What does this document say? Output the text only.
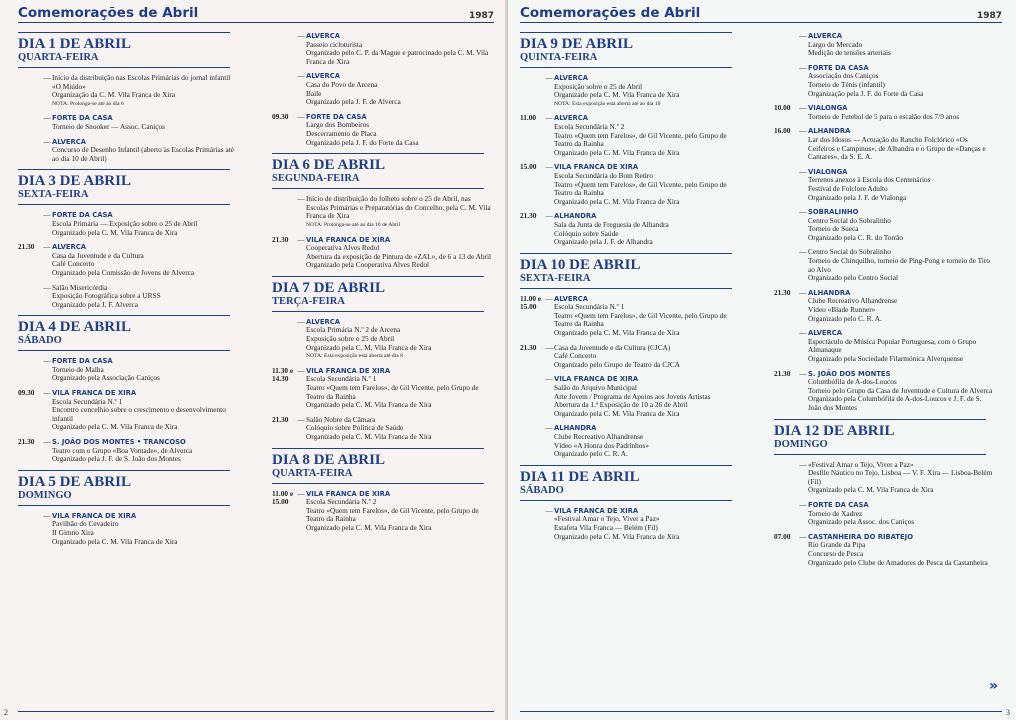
Comemorações de Abril	1987
DIA 1 DE ABRIL
QUARTA-FEIRA
— Início da distribuição nas Escolas Primárias do jornal infantil «O Miúdo»
Organização da C. M. Vila Franca de Xira
NOTA: Prolonga-se até ao dia 6
— FORTE DA CASA
Torneio de Snooker — Assoc. Caniços
— ALVERCA
Concurso de Desenho Infantil (aberto às Escolas Primárias até ao dia 10 de Abril)
DIA 3 DE ABRIL
SEXTA-FEIRA
— FORTE DA CASA
Escola Primária — Exposição sobre o 25 de Abril
Organizado pela C. M. Vila Franca de Xira
21.30	— ALVERCA
Casa da Juventude e da Cultura
Café Concerto
Organizado pela Comissão de Jovens de Alverca
— Salão Misericórdia
Exposição Fotográfica sobre a URSS
Organizado pela J. F. Alverca
DIA 4 DE ABRIL
SÁBADO
— FORTE DA CASA
Torneio de Malha
Organizado pela Associação Caniços
09.30	— VILA FRANCA DE XIRA
Escola Secundária N.º 1
Encontro concelhio sobre o crescimento e desenvolvimento infantil
Organizado pela C. M. Vila Franca de Xira
21.30	— S. JOÃO DOS MONTES • TRANCOSO
Teatro com o Grupo «Boa Vontade», de Alverca
Organizado pela J. F. de S. João dos Montes
DIA 5 DE ABRIL
DOMINGO
— VILA FRANCA DE XIRA
Pavilhão do Cevadeiro
II Gimno Xira
Organizado pela C. M. Vila Franca de Xira
— ALVERCA
Passeio cicloturista
Organizado pelo C. P. da Mague e patrocinado pela C. M. Vila Franca de Xira
— ALVERCA
Casa do Povo de Arcena
Baile
Organizado pela J. F. de Alverca
09.30	— FORTE DA CASA
Largo dos Bombeiros
Descerramento de Placa
Organizado pela J. F. do Forte da Casa
DIA 6 DE ABRIL
SEGUNDA-FEIRA
— Início de distribuição do folheto sobre o 25 de Abril, nas Escolas Primárias e Preparatórias do Concelho, pela C. M. Vila Franca de Xira
NOTA: Prolonga-se até ao dia 10 de Abril
21.30	— VILA FRANCA DE XIRA
Cooperativa Alves Redol
Abertura da exposição de Pintura de «ZAL», de 6 a 13 de Abril
Organizado pela Cooperativa Alves Redol
DIA 7 DE ABRIL
TERÇA-FEIRA
— ALVERCA
Escola Primária N.º 2 de Arcena
Exposição sobre o 25 de Abril
Organizado pela C. M. Vila Franca de Xira
NOTA: Esta exposição está aberta até dia 8
11.30 e 14.30
— VILA FRANCA DE XIRA
Escola Secundária N.º 1
Teatro «Quem tem Farelos», de Gil Vicente, pelo Grupo de Teatro da Rainha
Organizado pela C. M. Vila Franca de Xira
21.30	— Salão Nobre da Câmara
Colóquio sobre Política de Saúde
Organizado pela C. M. Vila Franca de Xira
DIA 8 DE ABRIL
QUARTA-FEIRA
11.00 e 15.00
— VILA FRANCA DE XIRA
Escola Secundária N.º 2
Teatro «Quem tem Farelos», de Gil Vicente, pelo Grupo de Teatro da Rainha
Organizado pela C. M. Vila Franca de Xira
2
Comemorações de Abril	1987
DIA 9 DE ABRIL
QUINTA-FEIRA
— ALVERCA
Exposição sobre o 25 de Abril
Organizado pela C. M. Vila Franca de Xira
NOTA: Esta exposição está aberta até ao dia 10
11.00	— ALVERCA
Escola Secundária N.º 2
Teatro «Quem tem Farelos», de Gil Vicente, pelo Grupo de Teatro da Rainha
Organizado pela C. M. Vila Franca de Xira
15.00	— VILA FRANCA DE XIRA
Escola Secundária do Bom Retiro
Teatro «Quem tem Farelos», de Gil Vicente, pelo Grupo de Teatro da Rainha
Organizado pela C. M. Vila Franca de Xira
21.30	— ALHANDRA
Sala da Junta de Freguesia de Alhandra
Colóquio sobre Saúde
Organizado pela J. F. de Alhandra
DIA 10 DE ABRIL
SEXTA-FEIRA
11.00 e 15.00
— ALVERCA
Escola Secundária N.º 1
Teatro «Quem tem Farelos», de Gil Vicente, pelo Grupo de Teatro da Rainha
Organizado pela C. M. Vila Franca de Xira
21.30	— Casa da Juventude e da Cultura (CJCA)
Café Concerto
Organizado pelo Grupo de Teatro da CJCA
— VILA FRANCA DE XIRA
Salão do Arquivo Municipal
Arte Jovem / Programa de Apoios aos Jovens Artistas
Abertura da 1.ª Exposição de 10 a 26 de Abril
Organizado pela C. M. Vila Franca de Xira
— ALHANDRA
Clube Recreativo Alhandrense
Vídeo «A Honra dos Padrinhos»
Organizado pelo C. R. A.
DIA 11 DE ABRIL
SÁBADO
— VILA FRANCA DE XIRA
«Festival Amar o Tejo, Viver a Paz»
Estafeta Vila Franca — Belém (Fil)
Organizado pela C. M. Vila Franca de Xira
— ALVERCA
Largo do Mercado
Medição de tensões arteriais
— FORTE DA CASA
Associação dos Caniços
Torneio de Ténis (infantil)
Organização pela J. F. do Forte da Casa
10.00	— VIALONGA
Torneio de Futebol de 5 para o escalão dos 7/9 anos
16.00	— ALHANDRA
Lar dos Idosos — Actuação do Rancho Folclórico «Os Ceifeiros e Campinos», de Alhandra e o Grupo de «Danças e Cantares», da S. E. A.
— VIALONGA
Terrenos anexos à Escola dos Centenários
Festival de Folclore Adulto
Organizado pela J. F. de Vialonga
— SOBRALINHO
Centro Social do Sobralinho
Torneio de Sueca
Organizado pela C. R. do Torrão
— Centro Social do Sobralinho
Torneio de Chinquilho, torneio de Ping-Pong e torneio de Tiro ao Alvo
Organizado pelo Centro Social
21.30	— ALHANDRA
Clube Recreativo Alhandrense
Vídeo «Blade Runner»
Organizado pelo C. R. A.
— ALVERCA
Espectáculo de Música Popular Portuguesa, com o Grupo Almanaque
Organizado pela Sociedade Filarmónica Alverquense
21.30	— S. JOÃO DOS MONTES
Columbófila de A-dos-Loucos
Torneio pelo Grupo da Casa de Juventude e Cultura de Alverca
Organizado pela Columbófila de A-dos-Loucos e J. F. de S. João dos Montes
DIA 12 DE ABRIL
DOMINGO
— «Festival Amar o Tejo, Viver a Paz»
Desfile Náutico no Tejo. Lisboa — V. F. Xira — Lisboa-Belém (Fil)
Organizado pela C. M. Vila Franca de Xira
— FORTE DA CASA
Torneio de Xadrez
Organizado pela Assoc. dos Caniços
07.00	— CASTANHEIRA DO RIBATEJO
Rio Grande da Pipa
Concurso de Pesca
Organizado pelo Clube de Amadores de Pesca da Castanheira
»
3
